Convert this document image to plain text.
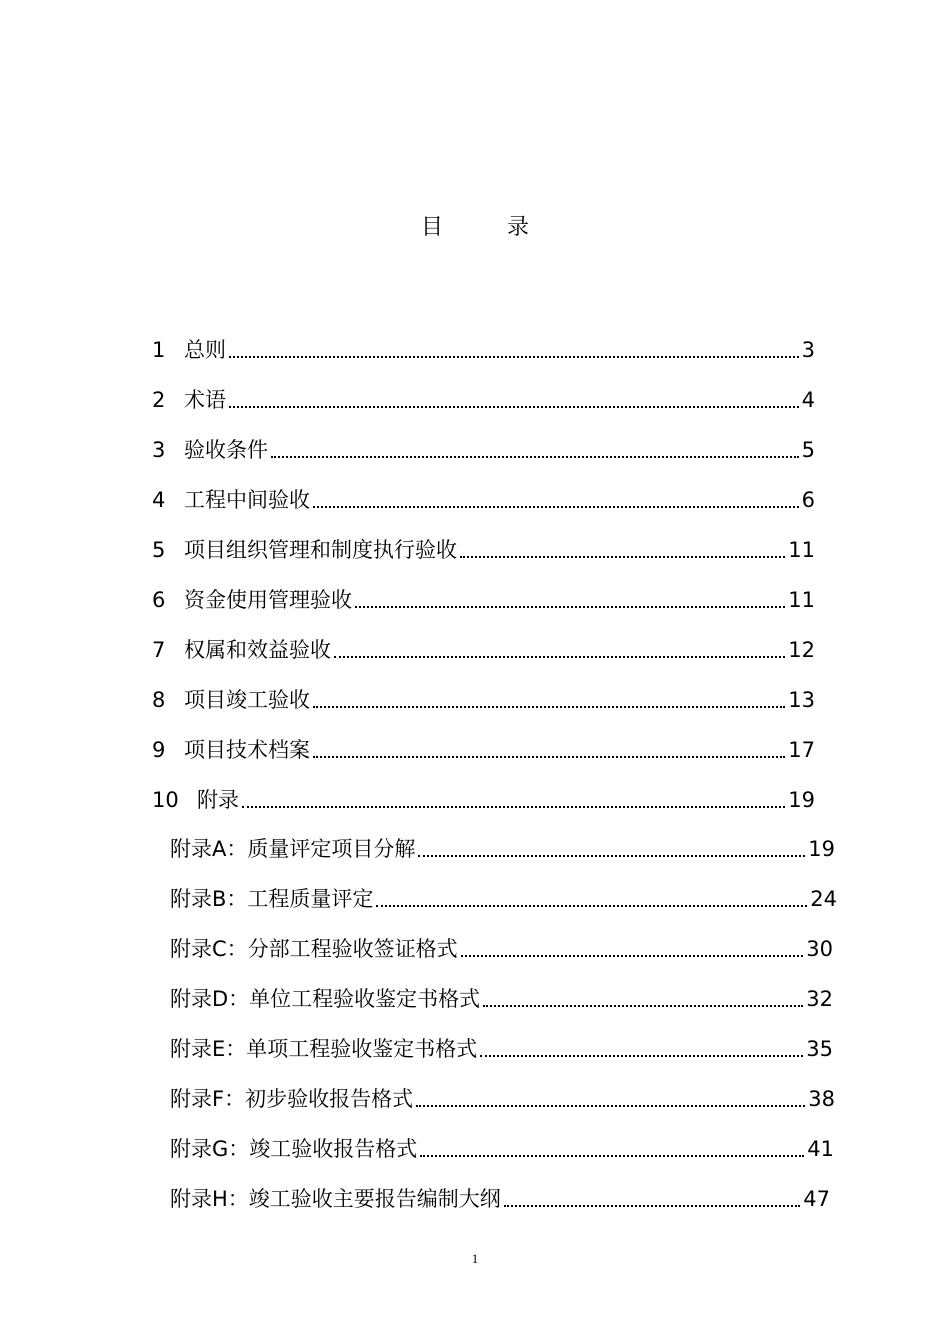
目	录
1 总则	3
2 术语	4
3 验收条件	5
4 工程中间验收	6
5 项目组织管理和制度执行验收	11
6 资金使用管理验收	11
7 权属和效益验收	12
8 项目竣工验收	13
9 项目技术档案	17
10 附录	19
附录A：质量评定项目分解	19
附录B：工程质量评定	24
附录C：分部工程验收签证格式	30
附录D：单位工程验收鉴定书格式	32
附录E：单项工程验收鉴定书格式	35
附录F：初步验收报告格式	38
附录G：竣工验收报告格式	41
附录H：竣工验收主要报告编制大纲	47
1
